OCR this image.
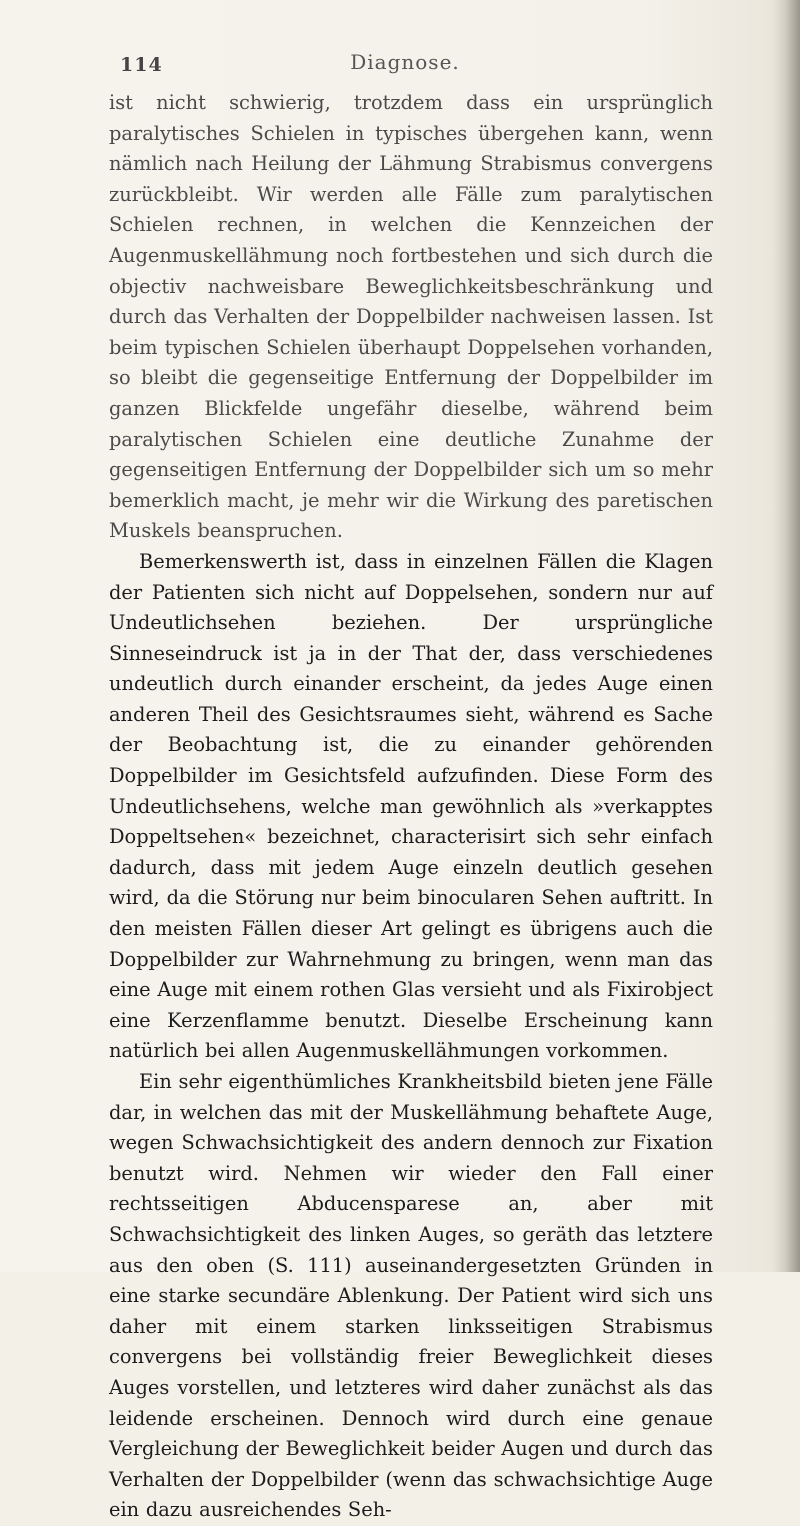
114	Diagnose.

ist nicht schwierig, trotzdem dass ein ursprünglich paralytisches Schielen in typisches übergehen kann, wenn nämlich nach Heilung der Lähmung Strabismus convergens zurückbleibt. Wir werden alle Fälle zum paralytischen Schielen rechnen, in welchen die Kennzeichen der Augenmuskellähmung noch fortbestehen und sich durch die objectiv nachweisbare Beweglichkeitsbeschränkung und durch das Verhalten der Doppelbilder nachweisen lassen. Ist beim typischen Schielen überhaupt Doppelsehen vorhanden, so bleibt die gegenseitige Entfernung der Doppelbilder im ganzen Blickfelde ungefähr dieselbe, während beim paralytischen Schielen eine deutliche Zunahme der gegenseitigen Entfernung der Doppelbilder sich um so mehr bemerklich macht, je mehr wir die Wirkung des paretischen Muskels beanspruchen.

Bemerkenswerth ist, dass in einzelnen Fällen die Klagen der Patienten sich nicht auf Doppelsehen, sondern nur auf Undeutlichsehen beziehen. Der ursprüngliche Sinneseindruck ist ja in der That der, dass verschiedenes undeutlich durch einander erscheint, da jedes Auge einen anderen Theil des Gesichtsraumes sieht, während es Sache der Beobachtung ist, die zu einander gehörenden Doppelbilder im Gesichtsfeld aufzufinden. Diese Form des Undeutlichsehens, welche man gewöhnlich als »verkapptes Doppeltsehen« bezeichnet, characterisirt sich sehr einfach dadurch, dass mit jedem Auge einzeln deutlich gesehen wird, da die Störung nur beim binocularen Sehen auftritt. In den meisten Fällen dieser Art gelingt es übrigens auch die Doppelbilder zur Wahrnehmung zu bringen, wenn man das eine Auge mit einem rothen Glas versieht und als Fixirobject eine Kerzenflamme benutzt. Dieselbe Erscheinung kann natürlich bei allen Augenmuskellähmungen vorkommen.

Ein sehr eigenthümliches Krankheitsbild bieten jene Fälle dar, in welchen das mit der Muskellähmung behaftete Auge, wegen Schwachsichtigkeit des andern dennoch zur Fixation benutzt wird. Nehmen wir wieder den Fall einer rechtsseitigen Abducensparese an, aber mit Schwachsichtigkeit des linken Auges, so geräth das letztere aus den oben (S. 111) auseinandergesetzten Gründen in eine starke secundäre Ablenkung. Der Patient wird sich uns daher mit einem starken linksseitigen Strabismus convergens bei vollständig freier Beweglichkeit dieses Auges vorstellen, und letzteres wird daher zunächst als das leidende erscheinen. Dennoch wird durch eine genaue Vergleichung der Beweglichkeit beider Augen und durch das Verhalten der Doppelbilder (wenn das schwachsichtige Auge ein dazu ausreichendes Seh-
